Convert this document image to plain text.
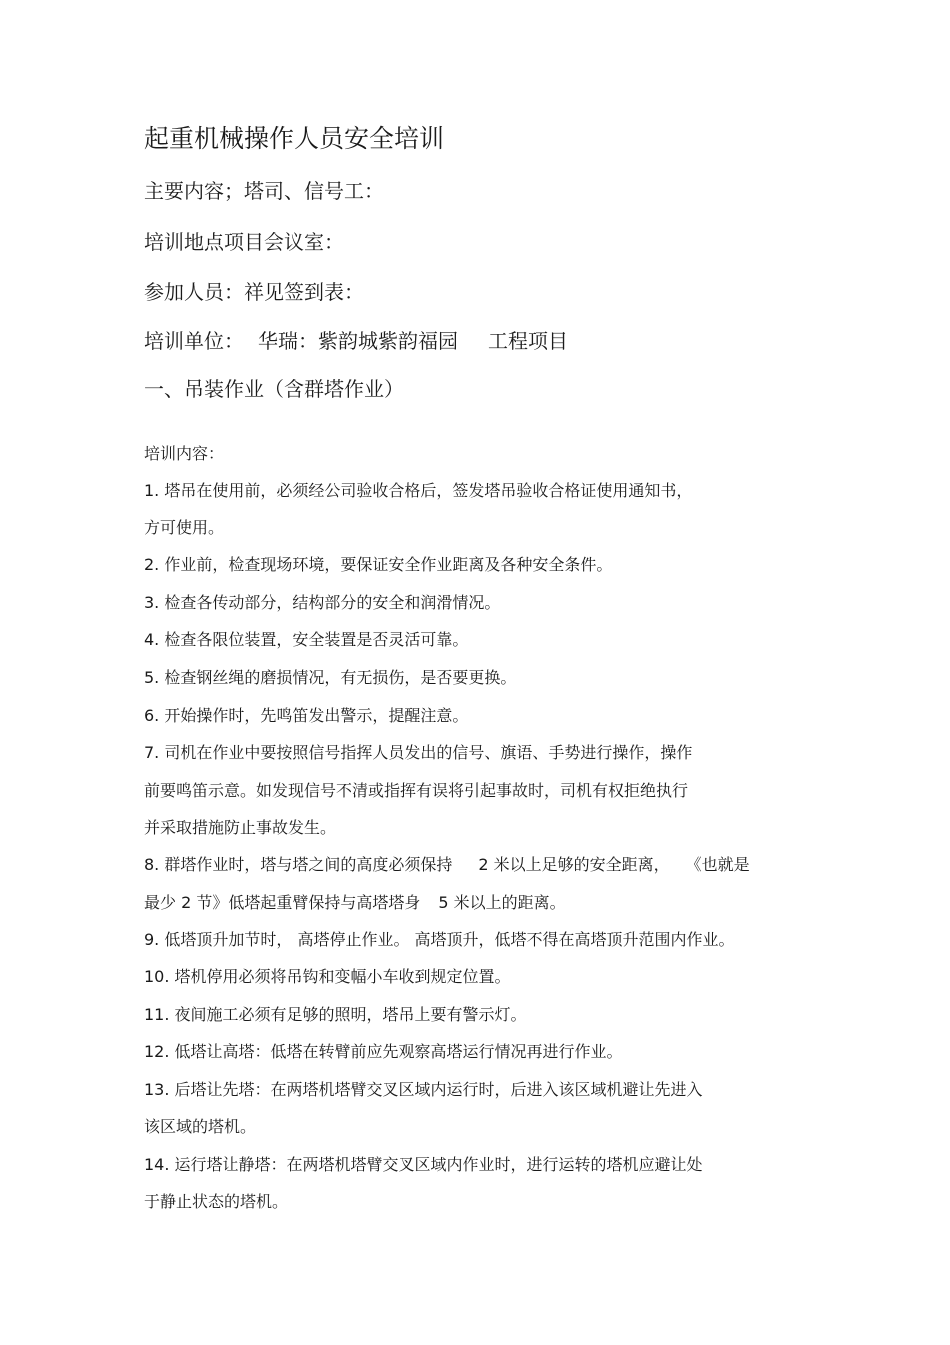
起重机械操作人员安全培训
主要内容；塔司、信号工：
培训地点项目会议室：
参加人员：祥见签到表：
培训单位： 华瑞：紫韵城紫韵福园 工程项目
一、吊装作业（含群塔作业）
培训内容：
1. 塔吊在使用前，必须经公司验收合格后，签发塔吊验收合格证使用通知书，
方可使用。
2. 作业前，检查现场环境，要保证安全作业距离及各种安全条件。
3. 检查各传动部分，结构部分的安全和润滑情况。
4. 检查各限位装置，安全装置是否灵活可靠。
5. 检查钢丝绳的磨损情况，有无损伤，是否要更换。
6. 开始操作时，先鸣笛发出警示，提醒注意。
7. 司机在作业中要按照信号指挥人员发出的信号、旗语、手势进行操作，操作
前要鸣笛示意。如发现信号不清或指挥有误将引起事故时，司机有权拒绝执行
并采取措施防止事故发生。
8. 群塔作业时，塔与塔之间的高度必须保持 2 米以上足够的安全距离， 《也就是
最少 2 节》低塔起重臂保持与高塔塔身 5 米以上的距离。
9. 低塔顶升加节时， 高塔停止作业。 高塔顶升，低塔不得在高塔顶升范围内作业。
10. 塔机停用必须将吊钩和变幅小车收到规定位置。
11. 夜间施工必须有足够的照明，塔吊上要有警示灯。
12. 低塔让高塔：低塔在转臂前应先观察高塔运行情况再进行作业。
13. 后塔让先塔：在两塔机塔臂交叉区域内运行时，后进入该区域机避让先进入
该区域的塔机。
14. 运行塔让静塔：在两塔机塔臂交叉区域内作业时，进行运转的塔机应避让处
于静止状态的塔机。
